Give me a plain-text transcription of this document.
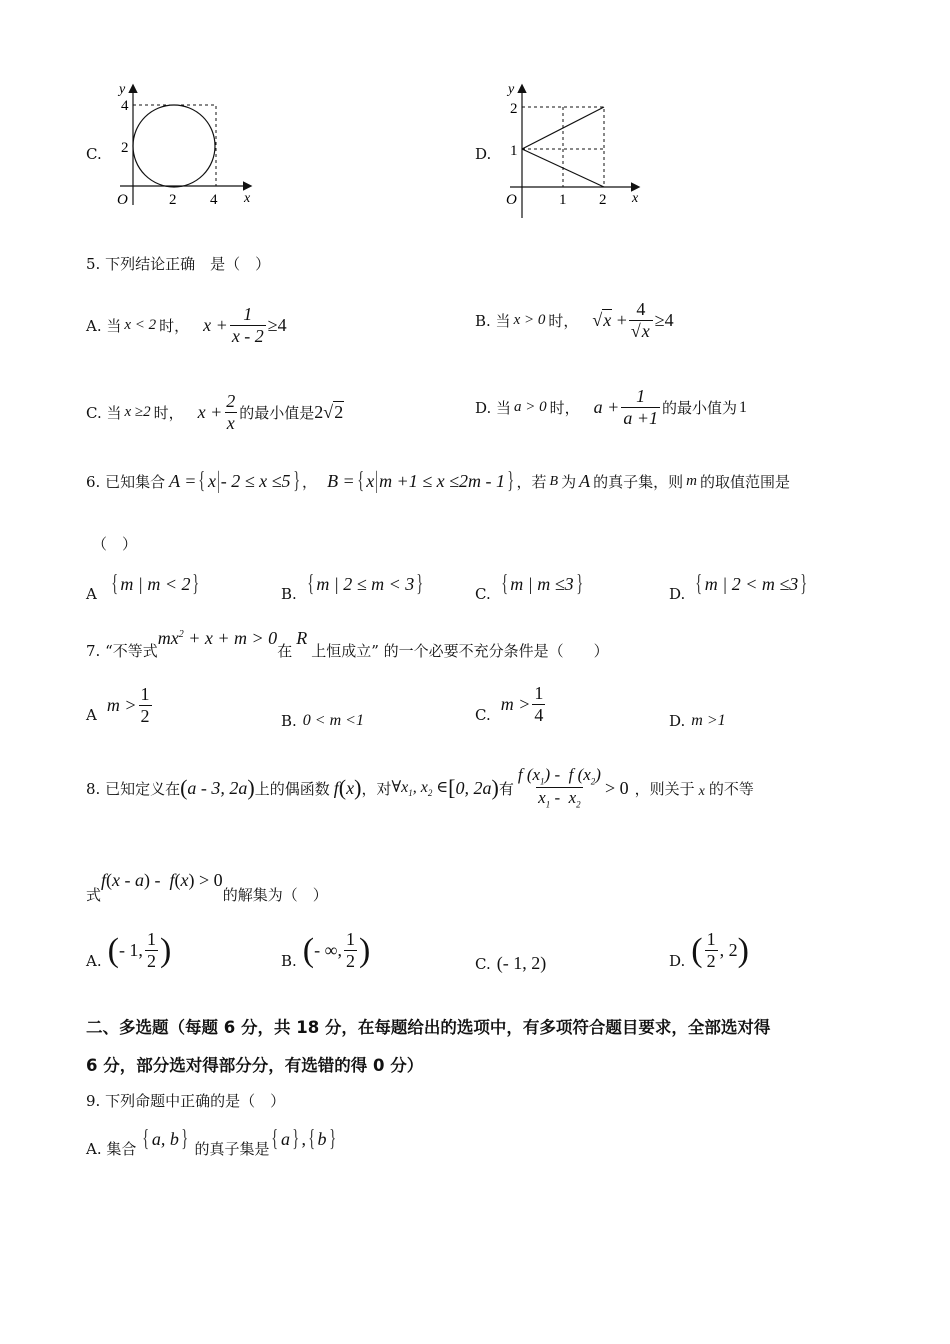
C.
y
x
O
4
2
2 4
D.
y
x
O
2
1
1 2
5. 下列结论正确　是（　）
A. 当 x < 2 时， $x + \frac{1}{x - 2} \ge 4$	B. 当 x > 0 时， $√x + \frac{4}{√x} \ge 4$
C. 当 x ≥2 时， $x + \frac{2}{x}$ 的最小值是 2√2	D. 当 a > 0 时， $a + \frac{1}{a +1}$ 的最小值为 1
6. 已知集合 A = { x | - 2 ≤ x ≤5 } ， B = { x | m +1 ≤ x ≤2m - 1 } ，若 B 为 A 的真子集，则 m 的取值范围是
（　）
A { m | m < 2 }	B. { m | 2 ≤ m < 3 }	C. { m | m ≤3 }	D. { m | 2 < m ≤3 }
7. “不等式
$mx^2 + x + m > 0$
在
R
上恒成立” 的一个必要不充分条件是（　　）
A $m > \frac{1}{2}$	B. 0 < m <1	C.
$m > \frac{1}{4}$	D. m >1
8. 已知定义在 ( a - 3, 2a ) 上的偶函数 f ( x ) ，对 $\forall x_1$, $x_2$ ∈ [ 0, 2a ) 有 $\frac{f (x_1) - f (x_2)}{x_1 - x_2} > 0$ ，则关于 x 的不等
式
f ( x - a ) - f ( x ) > 0
的解集为（　）
A. ( - 1, $\frac{1}{2}$ )	B. ( - ∞, $\frac{1}{2}$ )	C. (- 1, 2)	D. ( $\frac{1}{2}$ , 2 )
二、多选题（每题 6 分，共 18 分，在每题给出的选项中，有多项符合题目要求，全部选对得
6 分，部分选对得部分分，有选错的得 0 分）
9. 下列命题中正确的是（　）
A. 集合 { a, b } 的真子集是 { a } , { b }
